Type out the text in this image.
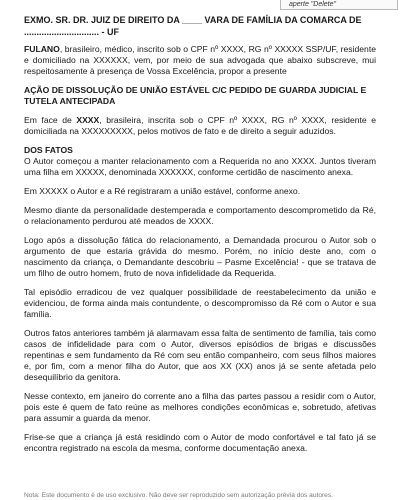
aperte "Delete"
EXMO. SR. DR. JUIZ DE DIREITO DA ____ VARA DE FAMÍLIA DA COMARCA DE
.............................. - UF

FULANO, brasileiro, médico, inscrito sob o CPF nº XXXX, RG nº XXXXX SSP/UF, residente e domiciliado na XXXXXX, vem, por meio de sua advogada que abaixo subscreve, mui respeitosamente à presença de Vossa Excelência, propor a presente

AÇÃO DE DISSOLUÇÃO DE UNIÃO ESTÁVEL C/C PEDIDO DE GUARDA JUDICIAL E TUTELA ANTECIPADA

Em face de XXXX, brasileira, inscrita sob o CPF nº XXXX, RG nº XXXX, residente e domiciliada na XXXXXXXXX, pelos motivos de fato e de direito a seguir aduzidos.

DOS FATOS

O Autor começou a manter relacionamento com a Requerida no ano XXXX. Juntos tiveram uma filha em XXXXX, denominada XXXXXX, conforme certidão de nascimento anexa.

Em XXXXX o Autor e a Ré registraram a união estável, conforme anexo.

Mesmo diante da personalidade destemperada e comportamento descomprometido da Ré, o relacionamento perdurou até meados de XXXX.

Logo após a dissolução fática do relacionamento, a Demandada procurou o Autor sob o argumento de que estaria grávida do mesmo. Porém, no início deste ano, com o nascimento da criança, o Demandante descobriu – Pasme Excelência! - que se tratava de um filho de outro homem, fruto de nova infidelidade da Requerida.

Tal episódio erradicou de vez qualquer possibilidade de reestabelecimento da união e evidenciou, de forma ainda mais contundente, o descompromisso da Ré com o Autor e sua família.

Outros fatos anteriores também já alarmavam essa falta de sentimento de família, tais como casos de infidelidade para com o Autor, diversos episódios de brigas e discussões repentinas e sem fundamento da Ré com seu então companheiro, com seus filhos maiores e, por fim, com a menor filha do Autor, que aos XX (XX) anos já se sente afetada pelo desequilíbrio da genitora.

Nesse contexto, em janeiro do corrente ano a filha das partes passou a residir com o Autor, pois este é quem de fato reúne as melhores condições econômicas e, sobretudo, afetivas para assumir a guarda da menor.

Frise-se que a criança já está residindo com o Autor de modo confortável e tal fato já se encontra registrado na escola da mesma, conforme documentação anexa.

Nota: Este documento é de uso exclusivo. Não deve ser reproduzido sem autorização prévia dos autores.
